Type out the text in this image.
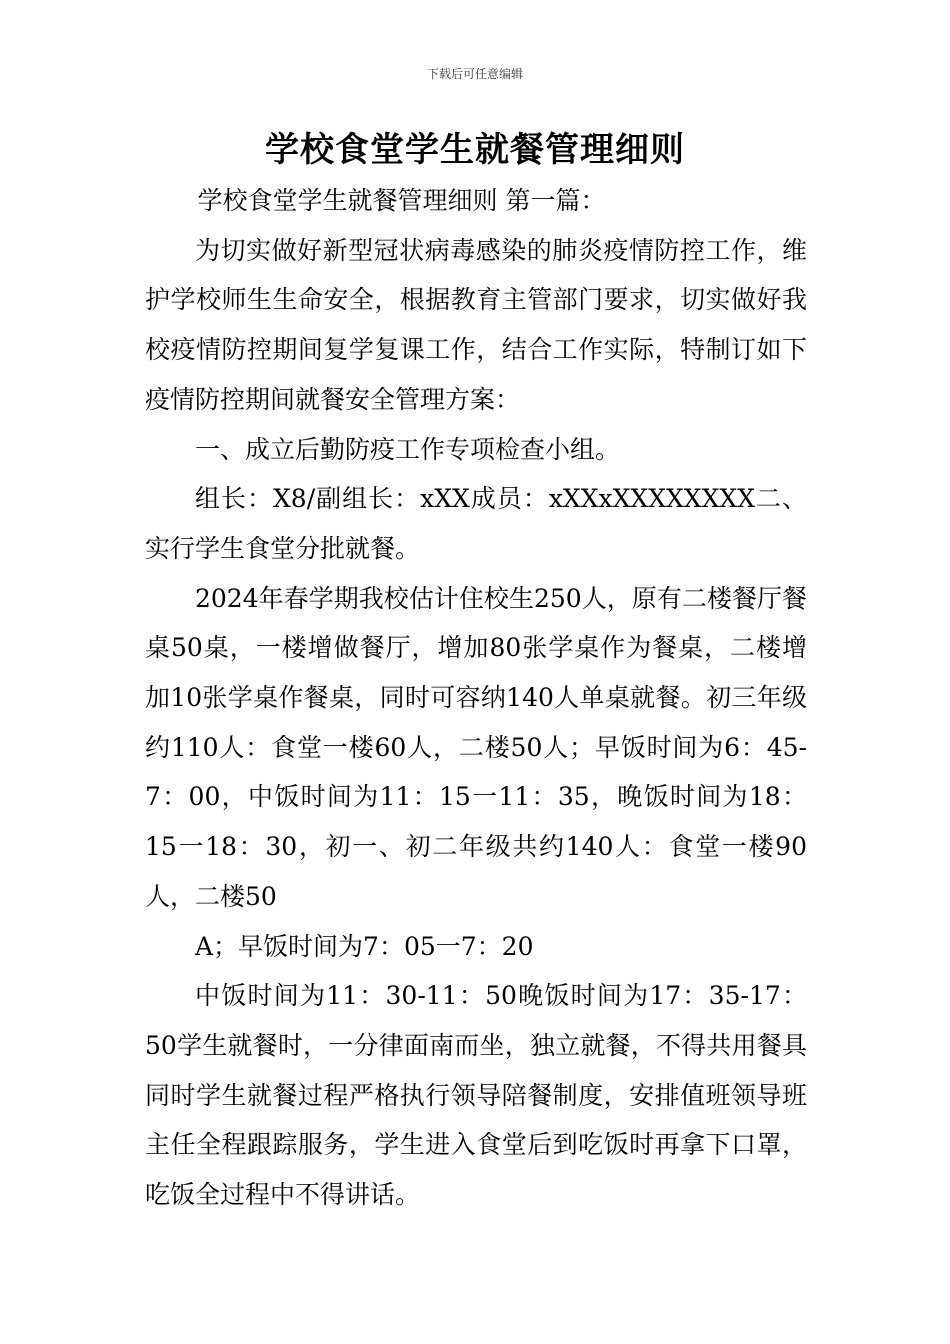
下载后可任意编辑
学校食堂学生就餐管理细则

学校食堂学生就餐管理细则 第一篇：

为切实做好新型冠状病毒感染的肺炎疫情防控工作，维护学校师生生命安全，根据教育主管部门要求，切实做好我校疫情防控期间复学复课工作，结合工作实际，特制订如下疫情防控期间就餐安全管理方案：

一、成立后勤防疫工作专项检查小组。

组长：X8/副组长：xXX成员：xXXxXXXXXXXX二、实行学生食堂分批就餐。

2024年春学期我校估计住校生250人，原有二楼餐厅餐桌50桌，一楼增做餐厅，增加80张学桌作为餐桌，二楼增加10张学桌作餐桌，同时可容纳140人单桌就餐。初三年级约110人：食堂一楼60人，二楼50人；早饭时间为6：45-7：00，中饭时间为11：15一11：35，晚饭时间为18：15一18：30，初一、初二年级共约140人：食堂一楼90人，二楼50

A；早饭时间为7：05一7：20

中饭时间为11：30-11：50晚饭时间为17：35-17：50学生就餐时，一分律面南而坐，独立就餐，不得共用餐具同时学生就餐过程严格执行领导陪餐制度，安排值班领导班主任全程跟踪服务，学生进入食堂后到吃饭时再拿下口罩，吃饭全过程中不得讲话。
